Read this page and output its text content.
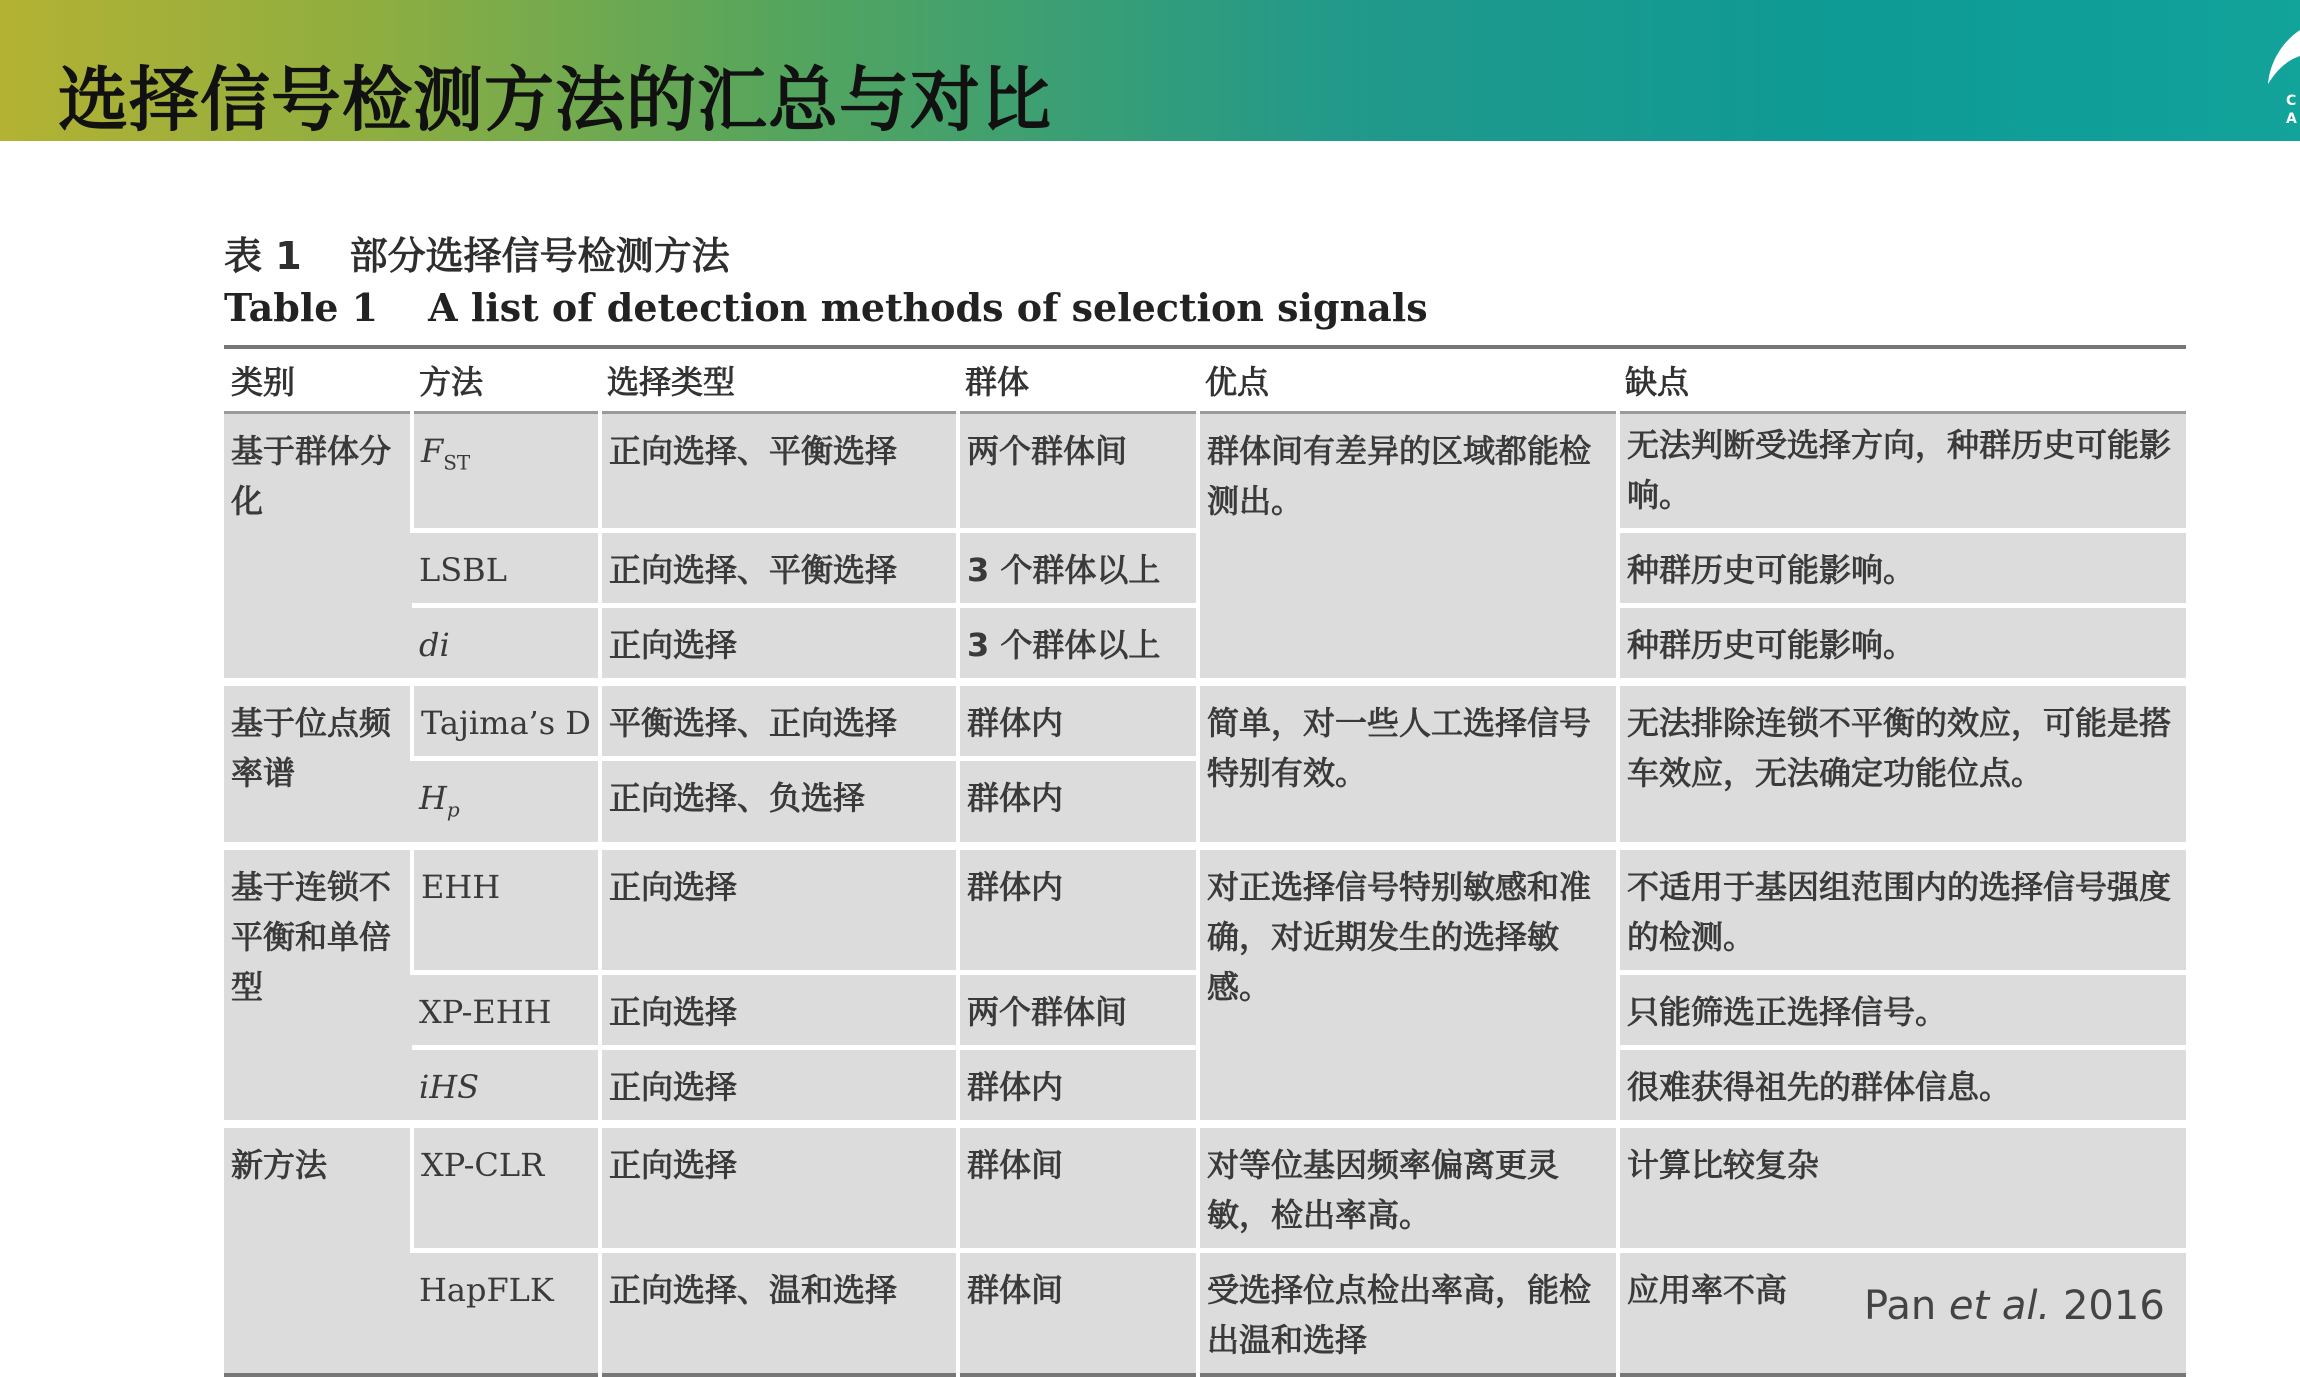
选择信号检测方法的汇总与对比	C
A
表 1 部分选择信号检测方法
Table 1 A list of detection methods of selection signals
类别	方法	选择类型	群体	优点	缺点
基于群体分化	$F_{ST}$	正向选择、平衡选择	两个群体间	群体间有差异的区域都能检测出。	无法判断受选择方向，种群历史可能影响。
	LSBL	正向选择、平衡选择	3 个群体以上		种群历史可能影响。
	di	正向选择	3 个群体以上		种群历史可能影响。
基于位点频率谱	Tajima’s D	平衡选择、正向选择	群体内	简单，对一些人工选择信号特别有效。	无法排除连锁不平衡的效应，可能是搭车效应，无法确定功能位点。
	$H_p$	正向选择、负选择	群体内		
基于连锁不平衡和单倍型	EHH	正向选择	群体内	对正选择信号特别敏感和准确，对近期发生的选择敏感。	不适用于基因组范围内的选择信号强度的检测。
	XP-EHH	正向选择	两个群体间		只能筛选正选择信号。
	iHS	正向选择	群体内		很难获得祖先的群体信息。
新方法	XP-CLR	正向选择	群体间	对等位基因频率偏离更灵敏，检出率高。	计算比较复杂
	HapFLK	正向选择、温和选择	群体间	受选择位点检出率高，能检出温和选择	应用率不高 Pan et al. 2016
